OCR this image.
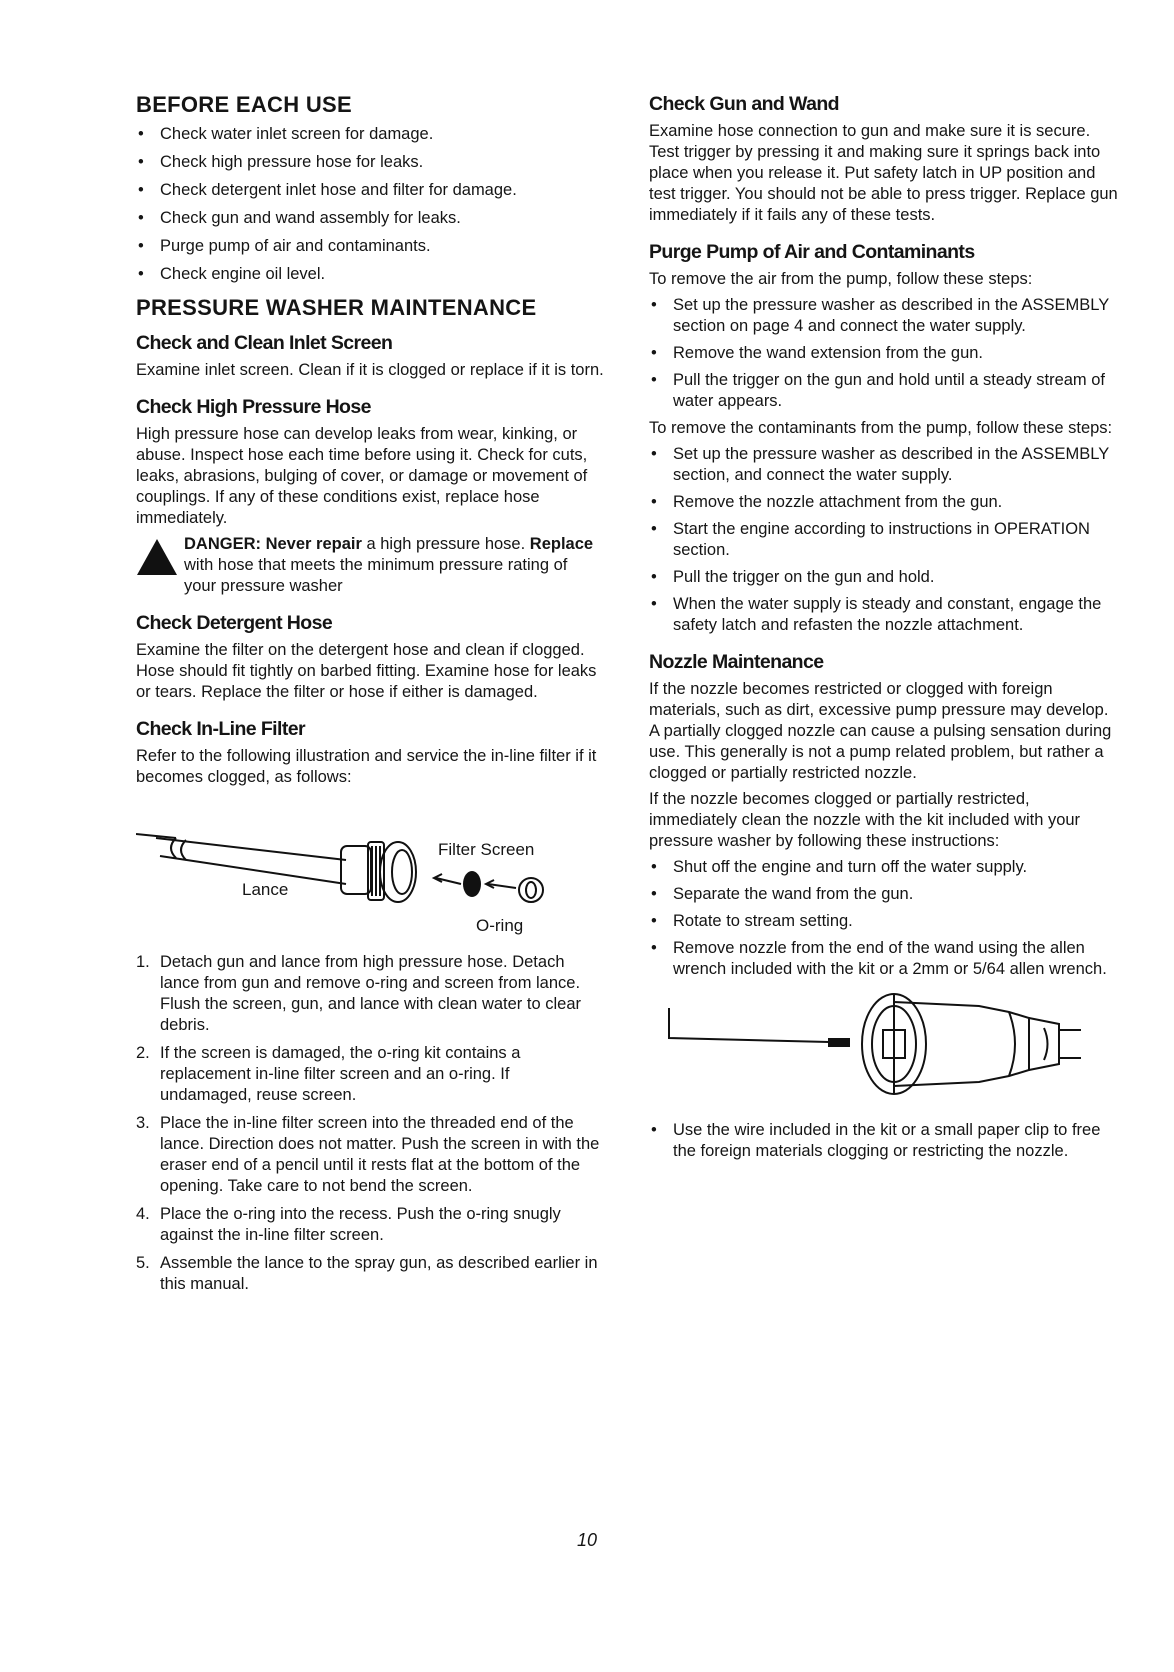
BEFORE EACH USE
• Check water inlet screen for damage.
• Check high pressure hose for leaks.
• Check detergent inlet hose and filter for damage.
• Check gun and wand assembly for leaks.
• Purge pump of air and contaminants.
• Check engine oil level.
PRESSURE WASHER MAINTENANCE
Check and Clean Inlet Screen

Examine inlet screen. Clean if it is clogged or replace if it is torn.

Check High Pressure Hose

High pressure hose can develop leaks from wear, kinking, or abuse. Inspect hose each time before using it. Check for cuts, leaks, abrasions, bulging of cover, or damage or movement of couplings. If any of these conditions exist, replace hose immediately.

DANGER: Never repair a high pressure hose. Replace with hose that meets the minimum pressure rating of your pressure washer
Check Detergent Hose

Examine the filter on the detergent hose and clean if clogged. Hose should fit tightly on barbed fitting. Examine hose for leaks or tears. Replace the filter or hose if either is damaged.

Check In-Line Filter

Refer to the following illustration and service the in-line filter if it becomes clogged, as follows:

Filter Screen
Lance
O-ring
1. Detach gun and lance from high pressure hose. Detach lance from gun and remove o-ring and screen from lance. Flush the screen, gun, and lance with clean water to clear debris.
2. If the screen is damaged, the o-ring kit contains a replacement in-line filter screen and an o-ring. If undamaged, reuse screen.
3. Place the in-line filter screen into the threaded end of the lance. Direction does not matter. Push the screen in with the eraser end of a pencil until it rests flat at the bottom of the opening. Take care to not bend the screen.
4. Place the o-ring into the recess. Push the o-ring snugly against the in-line filter screen.
5. Assemble the lance to the spray gun, as described earlier in this manual.
Check Gun and Wand

Examine hose connection to gun and make sure it is secure. Test trigger by pressing it and making sure it springs back into place when you release it. Put safety latch in UP position and test trigger. You should not be able to press trigger. Replace gun immediately if it fails any of these tests.

Purge Pump of Air and Contaminants

To remove the air from the pump, follow these steps:

• Set up the pressure washer as described in the ASSEMBLY section on page 4 and connect the water supply.
• Remove the wand extension from the gun.
• Pull the trigger on the gun and hold until a steady stream of water appears.

To remove the contaminants from the pump, follow these steps:

• Set up the pressure washer as described in the ASSEMBLY section, and connect the water supply.
• Remove the nozzle attachment from the gun.
• Start the engine according to instructions in OPERATION section.
• Pull the trigger on the gun and hold.
• When the water supply is steady and constant, engage the safety latch and refasten the nozzle attachment.
Nozzle Maintenance

If the nozzle becomes restricted or clogged with foreign materials, such as dirt, excessive pump pressure may develop. A partially clogged nozzle can cause a pulsing sensation during use. This generally is not a pump related problem, but rather a clogged or partially restricted nozzle.

If the nozzle becomes clogged or partially restricted, immediately clean the nozzle with the kit included with your pressure washer by following these instructions:

• Shut off the engine and turn off the water supply.
• Separate the wand from the gun.
• Rotate to stream setting.
• Remove nozzle from the end of the wand using the allen wrench included with the kit or a 2mm or 5/64 allen wrench.
• Use the wire included in the kit or a small paper clip to free the foreign materials clogging or restricting the nozzle.
10
